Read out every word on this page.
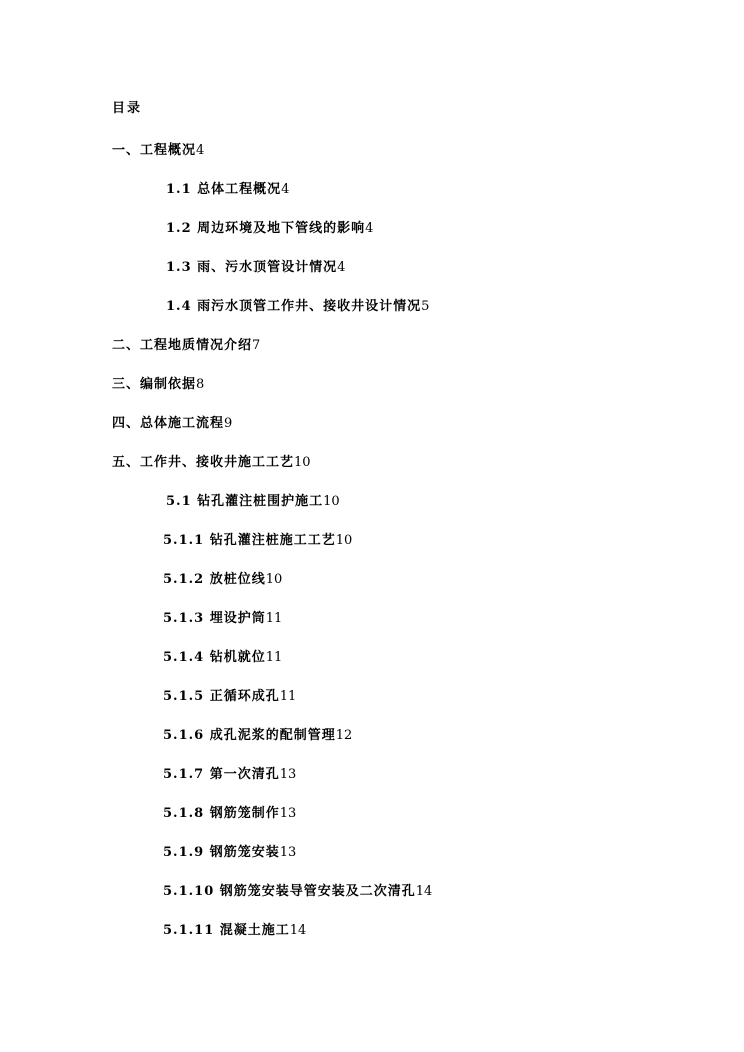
目录
一、工程概况4
1.1 总体工程概况4
1.2 周边环境及地下管线的影响4
1.3 雨、污水顶管设计情况4
1.4 雨污水顶管工作井、接收井设计情况5
二、工程地质情况介绍7
三、编制依据8
四、总体施工流程9
五、工作井、接收井施工工艺10
5.1 钻孔灌注桩围护施工10
5.1.1 钻孔灌注桩施工工艺10
5.1.2 放桩位线10
5.1.3 埋设护筒11
5.1.4 钻机就位11
5.1.5 正循环成孔11
5.1.6 成孔泥浆的配制管理12
5.1.7 第一次清孔13
5.1.8 钢筋笼制作13
5.1.9 钢筋笼安装13
5.1.10 钢筋笼安装导管安装及二次清孔14
5.1.11 混凝土施工14
